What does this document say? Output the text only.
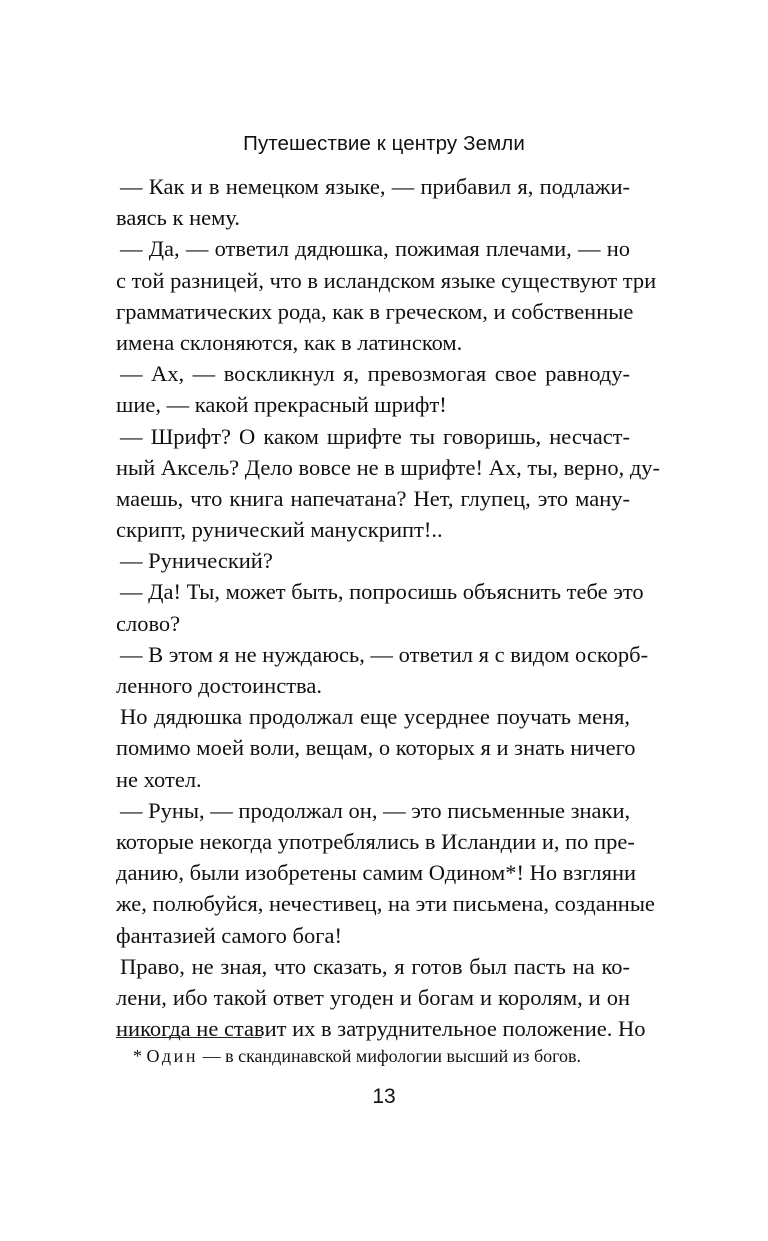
Путешествие к центру Земли
— Как и в немецком языке, — прибавил я, подлажи-
ваясь к нему.
— Да, — ответил дядюшка, пожимая плечами, — но
с той разницей, что в исландском языке существуют три
грамматических рода, как в греческом, и собственные
имена склоняются, как в латинском.
— Ах, — воскликнул я, превозмогая свое равноду-
шие, — какой прекрасный шрифт!
— Шрифт? О каком шрифте ты говоришь, несчаст-
ный Аксель? Дело вовсе не в шрифте! Ах, ты, верно, ду-
маешь, что книга напечатана? Нет, глупец, это ману-
скрипт, рунический манускрипт!..
— Рунический?
— Да! Ты, может быть, попросишь объяснить тебе это
слово?
— В этом я не нуждаюсь, — ответил я с видом оскорб-
ленного достоинства.
Но дядюшка продолжал еще усерднее поучать меня,
помимо моей воли, вещам, о которых я и знать ничего
не хотел.
— Руны, — продолжал он, — это письменные знаки,
которые некогда употреблялись в Исландии и, по пре-
данию, были изобретены самим Одином*! Но взгляни
же, полюбуйся, нечестивец, на эти письмена, созданные
фантазией самого бога!
Право, не зная, что сказать, я готов был пасть на ко-
лени, ибо такой ответ угоден и богам и королям, и он
никогда не ставит их в затруднительное положение. Но
* Один — в скандинавской мифологии высший из богов.
13
